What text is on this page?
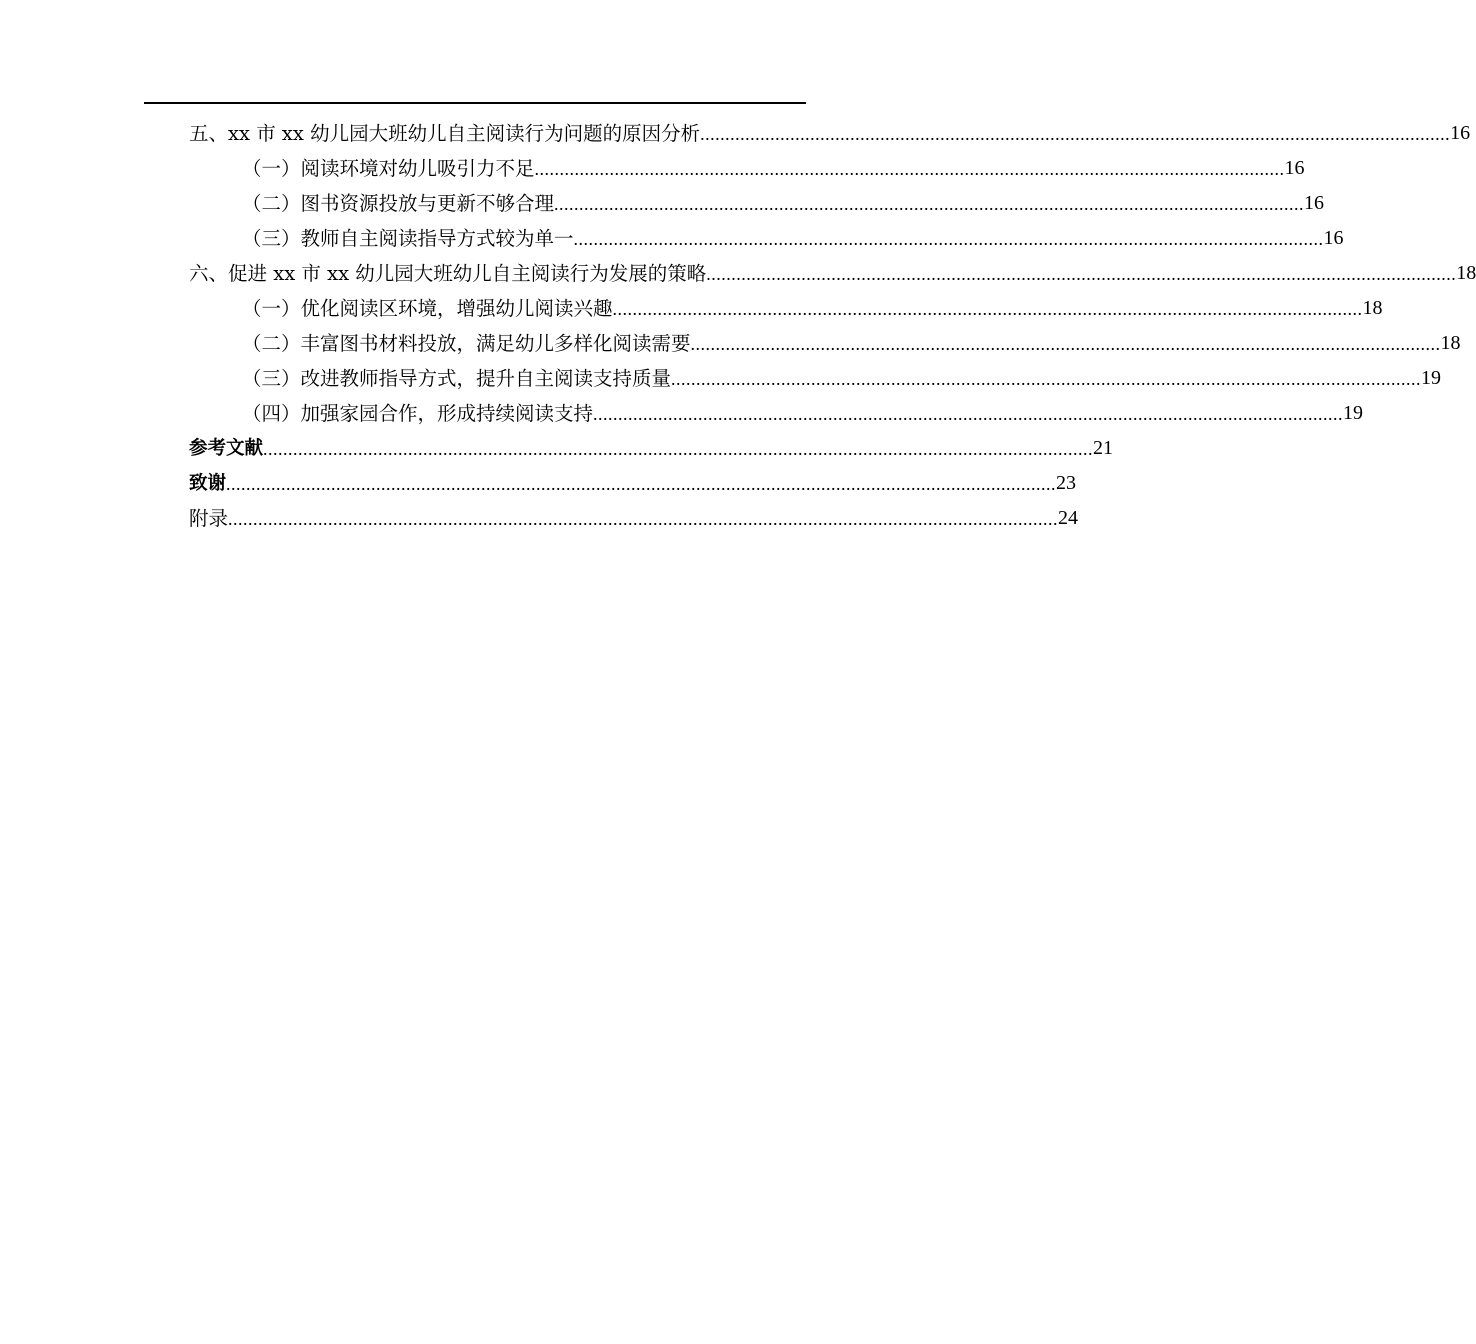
五、xx 市 xx 幼儿园大班幼儿自主阅读行为问题的原因分析 ...................................................................................................................................................... 16
（一）阅读环境对幼儿吸引力不足 ...................................................................................................................................................... 16
（二）图书资源投放与更新不够合理 ...................................................................................................................................................... 16
（三）教师自主阅读指导方式较为单一 ...................................................................................................................................................... 16
六、促进 xx 市 xx 幼儿园大班幼儿自主阅读行为发展的策略 ...................................................................................................................................................... 18
（一）优化阅读区环境，增强幼儿阅读兴趣 ...................................................................................................................................................... 18
（二）丰富图书材料投放，满足幼儿多样化阅读需要 ...................................................................................................................................................... 18
（三）改进教师指导方式，提升自主阅读支持质量 ...................................................................................................................................................... 19
（四）加强家园合作，形成持续阅读支持 ...................................................................................................................................................... 19
参考文献 ...................................................................................................................................................................... 21
致谢 ...................................................................................................................................................................... 23
附录 ...................................................................................................................................................................... 24
